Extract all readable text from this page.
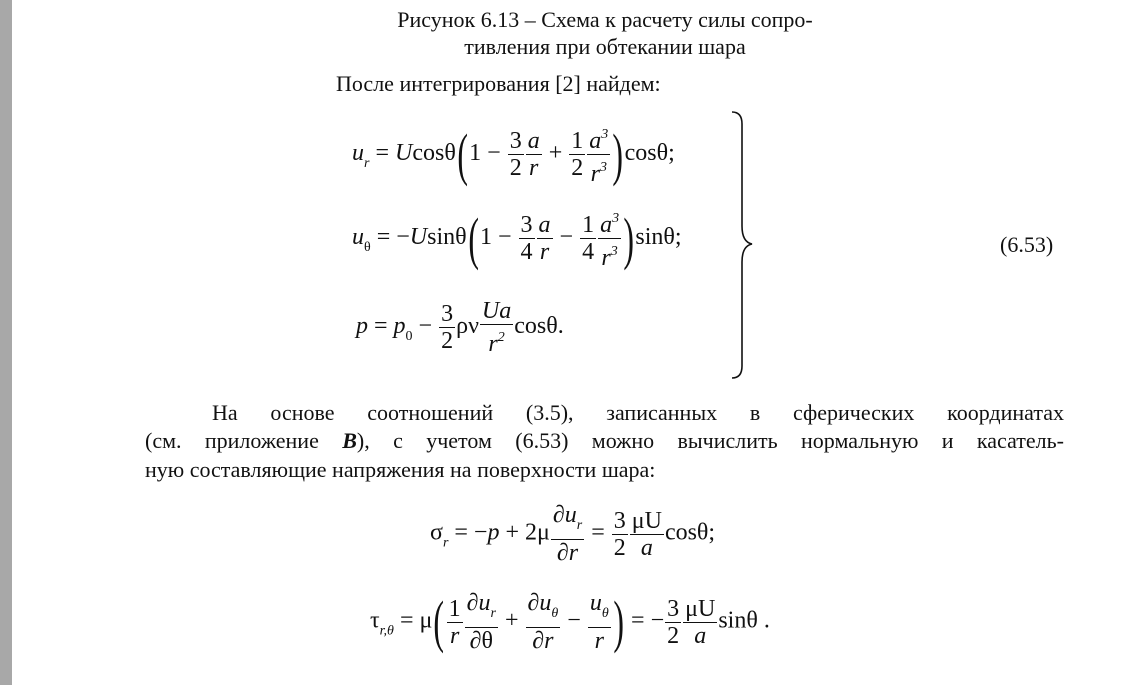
Рисунок 6.13 – Схема к расчету силы сопро-
тивления при обтекании шара
После интегрирования [2] найдем:
$u_r = Ucos\theta(1 - \frac{3}{2} \frac{a}{r} + \frac{1}{2} \frac{a^3}{r^3} )\cos\theta$;
$u_\theta = -Usin\theta(1 - \frac{3}{4} \frac{a}{r} - \frac{1}{4} \frac{a^3}{r^3} )\sin\theta$;
$p = p_0 - \frac{3}{2}$ ρν $\frac{Ua}{r^2} \cos\theta$.
(6.53)
На основе соотношений (3.5), записанных в сферических координатах
(см. приложение B), с учетом (6.53) можно вычислить нормальную и касатель-
ную составляющие напряжения на поверхности шара:
$\sigma_r = -p + 2\mu \frac{\partial u_r}{\partial r} = \frac{3}{2} \frac{\mu U}{a} \cos\theta$;
$\tau_{r,\theta} = \mu( \frac{1}{r} \frac{\partial u_r}{\partial\theta} + \frac{\partial u_\theta}{\partial r} - \frac{u_\theta}{r}$ ) = − $\frac{3}{2} \frac{\mu U}{a}$ sinθ .
